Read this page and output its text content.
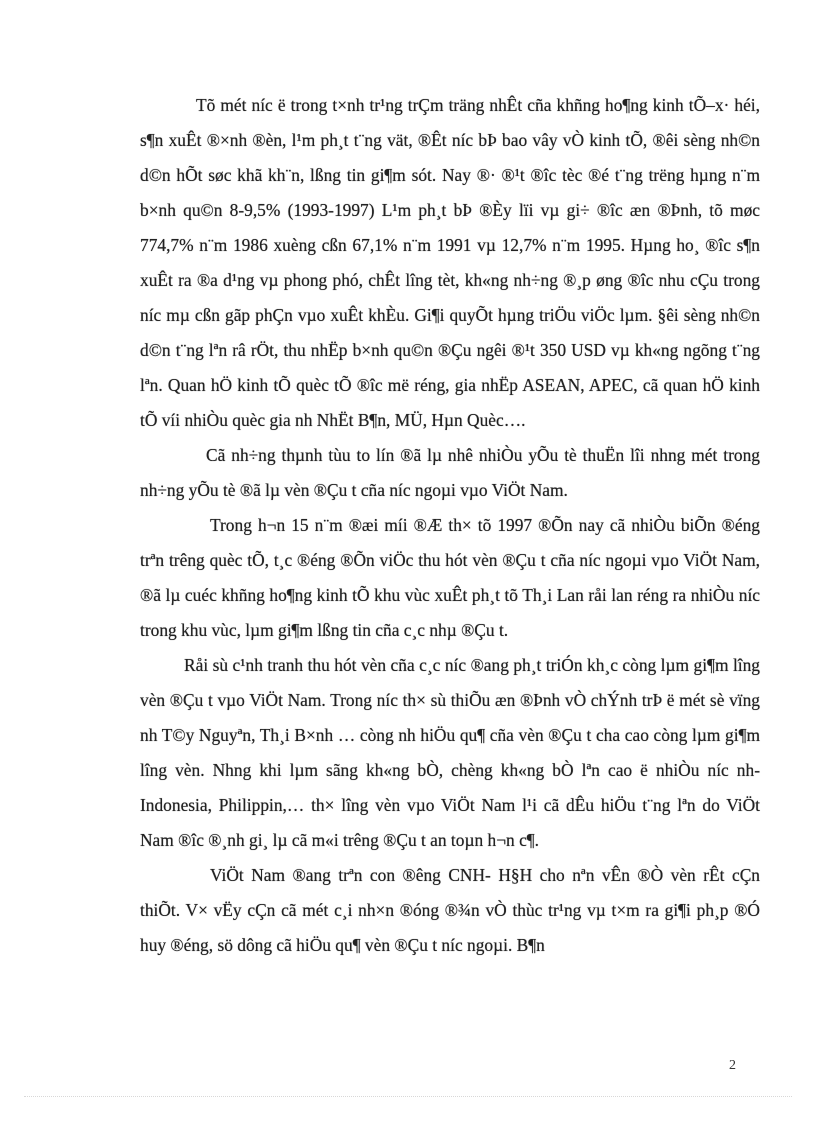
Tõ mét níc ë trong t×nh tr¹ng trÇm träng nhÊt cña khñng ho¶ng kinh tÕ–x· héi, s¶n xuÊt ®×nh ®èn, l¹m ph¸t t¨ng vät, ®Êt níc bÞ bao vây vÒ kinh tÕ, ®êi sèng nh©n d©n hÕt søc khã kh¨n, lßng tin gi¶m sót. Nay ®· ®¹t ®îc tèc ®é t¨ng trëng hµng n¨m b×nh qu©n 8-9,5% (1993-1997) L¹m ph¸t bÞ ®Èy lïi vµ gi÷ ®îc æn ®Þnh, tõ møc 774,7% n¨m 1986 xuèng cßn 67,1% n¨m 1991 vµ 12,7% n¨m 1995. Hµng ho¸ ®îc s¶n xuÊt ra ®a d¹ng vµ phong phó, chÊt lîng tèt, kh«ng nh÷ng ®¸p øng ®îc nhu cÇu trong níc mµ cßn gãp phÇn vµo xuÊt khÈu. Gi¶i quyÕt hµng triÖu viÖc lµm. §êi sèng nh©n d©n t¨ng lªn râ rÖt, thu nhËp b×nh qu©n ®Çu ngêi ®¹t 350 USD vµ kh«ng ngõng t¨ng lªn. Quan hÖ kinh tÕ quèc tÕ ®îc më réng, gia nhËp ASEAN, APEC, cã quan hÖ kinh tÕ víi nhiÒu quèc gia nh NhËt B¶n, MÜ, Hµn Quèc….

Cã nh÷ng thµnh tùu to lín ®ã lµ nhê nhiÒu yÕu tè thuËn lîi nhng mét trong nh÷ng yÕu tè ®ã lµ vèn ®Çu t cña níc ngoµi vµo ViÖt Nam.

Trong h¬n 15 n¨m ®æi míi ®Æ th× tõ 1997 ®Õn nay cã nhiÒu biÕn ®éng trªn trêng quèc tÕ, t¸c ®éng ®Õn viÖc thu hót vèn ®Çu t cña níc ngoµi vµo ViÖt Nam, ®ã lµ cuéc khñng ho¶ng kinh tÕ khu vùc xuÊt ph¸t tõ Th¸i Lan råi lan réng ra nhiÒu níc trong khu vùc, lµm gi¶m lßng tin cña c¸c nhµ ®Çu t.

Råi sù c¹nh tranh thu hót vèn cña c¸c níc ®ang ph¸t triÓn kh¸c còng lµm gi¶m lîng vèn ®Çu t vµo ViÖt Nam. Trong níc th× sù thiÕu æn ®Þnh vÒ chÝnh trÞ ë mét sè vïng nh T©y Nguyªn, Th¸i B×nh … còng nh hiÖu qu¶ cña vèn ®Çu t cha cao còng lµm gi¶m lîng vèn. Nhng khi lµm sãng kh«ng bÒ, chèng kh«ng bÒ lªn cao ë nhiÒu níc nh Indonesia, Philippin,… th× lîng vèn vµo ViÖt Nam l¹i cã dÊu hiÖu t¨ng lªn do ViÖt Nam ®îc ®¸nh gi¸ lµ cã m«i trêng ®Çu t an toµn h¬n c¶.

ViÖt Nam ®ang trªn con ®êng CNH- H§H cho nªn vÊn ®Ò vèn rÊt cÇn thiÕt. V× vËy cÇn cã mét c¸i nh×n ®óng ®¾n vÒ thùc tr¹ng vµ t×m ra gi¶i ph¸p ®Ó huy ®éng, sö dông cã hiÖu qu¶ vèn ®Çu t níc ngoµi. B¶n

2
